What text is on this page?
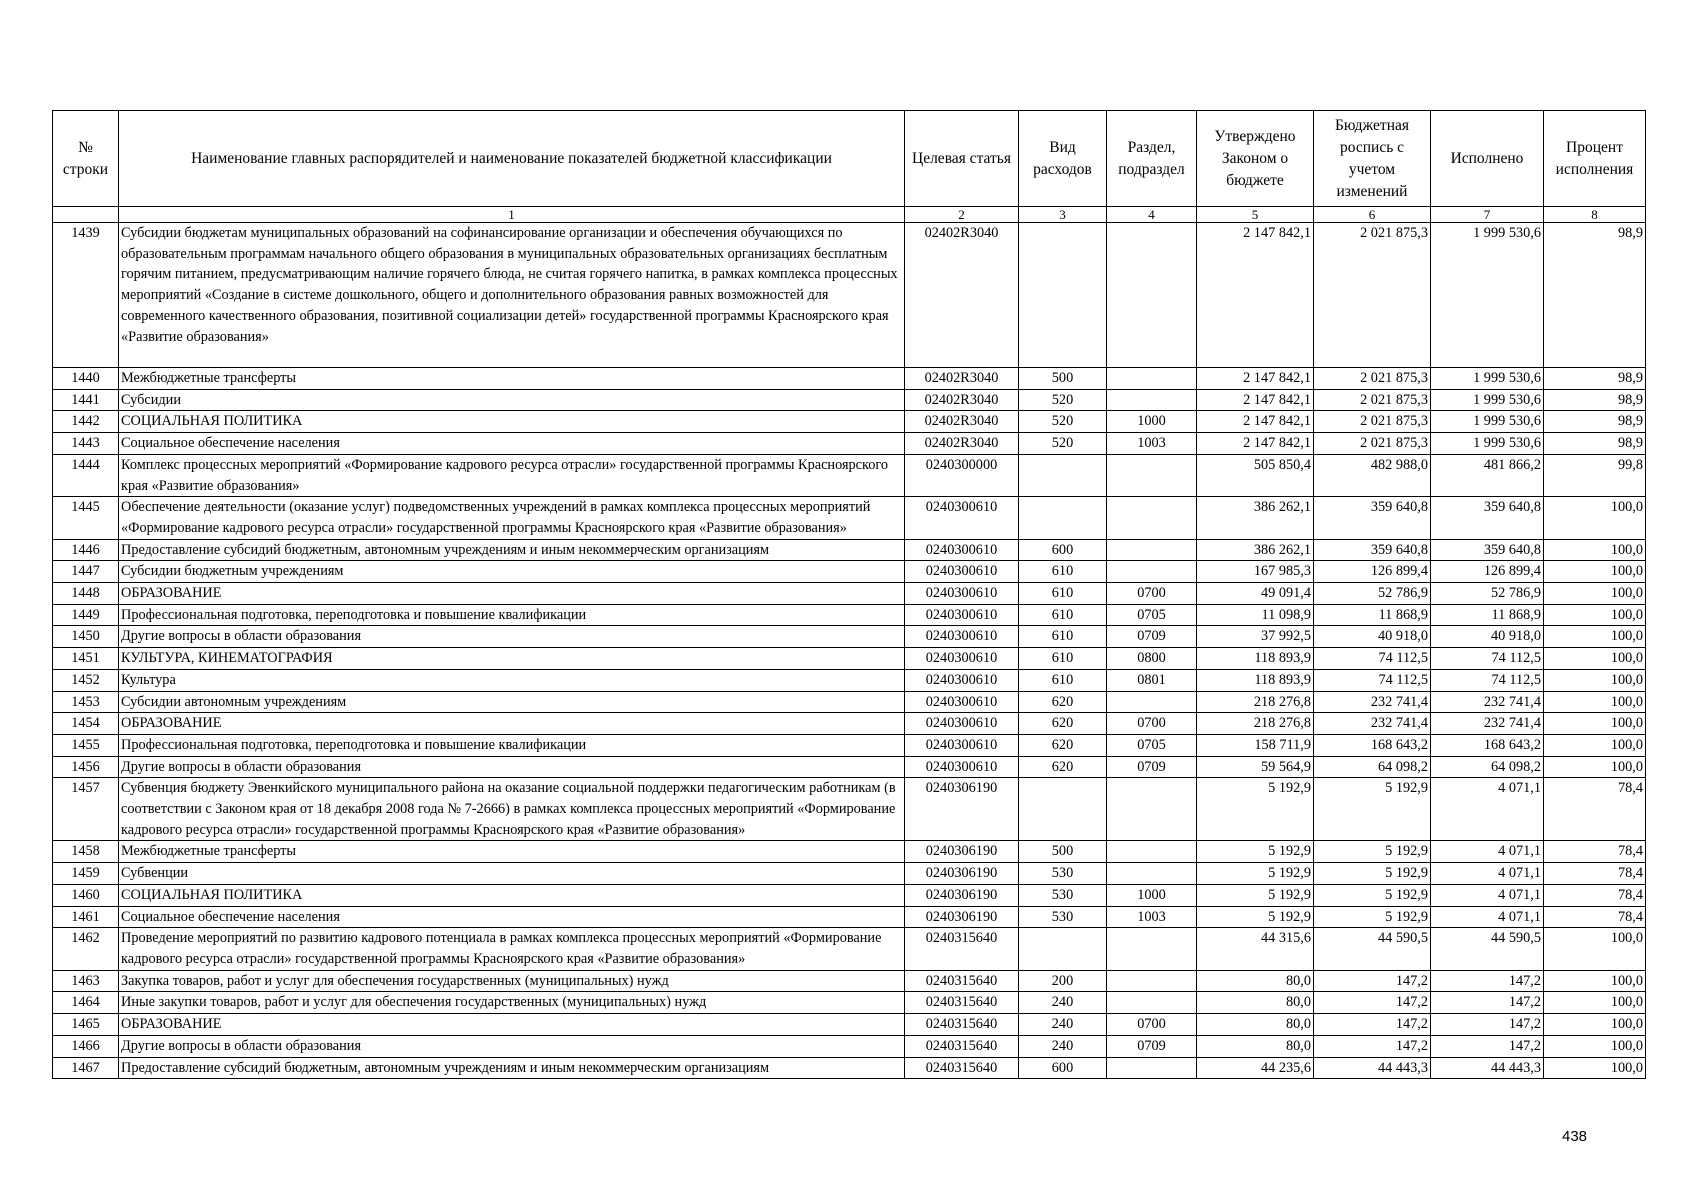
№ строки	Наименование главных распорядителей и наименование показателей бюджетной классификации	Целевая статья	Вид расходов	Раздел, подраздел	Утверждено Законом о бюджете	Бюджетная роспись с учетом изменений	Исполнено	Процент исполнения
	1	2	3	4	5	6	7	8
1439	Субсидии бюджетам муниципальных образований на софинансирование организации и обеспечения обучающихся по образовательным программам начального общего образования в муниципальных образовательных организациях бесплатным горячим питанием, предусматривающим наличие горячего блюда, не считая горячего напитка, в рамках комплекса процессных мероприятий «Создание в системе дошкольного, общего и дополнительного образования равных возможностей для современного качественного образования, позитивной социализации детей» государственной программы Красноярского края «Развитие образования»	02402R3040			2 147 842,1	2 021 875,3	1 999 530,6	98,9
1440	Межбюджетные трансферты	02402R3040	500		2 147 842,1	2 021 875,3	1 999 530,6	98,9
1441	Субсидии	02402R3040	520		2 147 842,1	2 021 875,3	1 999 530,6	98,9
1442	СОЦИАЛЬНАЯ ПОЛИТИКА	02402R3040	520	1000	2 147 842,1	2 021 875,3	1 999 530,6	98,9
1443	Социальное обеспечение населения	02402R3040	520	1003	2 147 842,1	2 021 875,3	1 999 530,6	98,9
1444	Комплекс процессных мероприятий «Формирование кадрового ресурса отрасли» государственной программы Красноярского края «Развитие образования»	0240300000			505 850,4	482 988,0	481 866,2	99,8
1445	Обеспечение деятельности (оказание услуг) подведомственных учреждений в рамках комплекса процессных мероприятий «Формирование кадрового ресурса отрасли» государственной программы Красноярского края «Развитие образования»	0240300610			386 262,1	359 640,8	359 640,8	100,0
1446	Предоставление субсидий бюджетным, автономным учреждениям и иным некоммерческим организациям	0240300610	600		386 262,1	359 640,8	359 640,8	100,0
1447	Субсидии бюджетным учреждениям	0240300610	610		167 985,3	126 899,4	126 899,4	100,0
1448	ОБРАЗОВАНИЕ	0240300610	610	0700	49 091,4	52 786,9	52 786,9	100,0
1449	Профессиональная подготовка, переподготовка и повышение квалификации	0240300610	610	0705	11 098,9	11 868,9	11 868,9	100,0
1450	Другие вопросы в области образования	0240300610	610	0709	37 992,5	40 918,0	40 918,0	100,0
1451	КУЛЬТУРА, КИНЕМАТОГРАФИЯ	0240300610	610	0800	118 893,9	74 112,5	74 112,5	100,0
1452	Культура	0240300610	610	0801	118 893,9	74 112,5	74 112,5	100,0
1453	Субсидии автономным учреждениям	0240300610	620		218 276,8	232 741,4	232 741,4	100,0
1454	ОБРАЗОВАНИЕ	0240300610	620	0700	218 276,8	232 741,4	232 741,4	100,0
1455	Профессиональная подготовка, переподготовка и повышение квалификации	0240300610	620	0705	158 711,9	168 643,2	168 643,2	100,0
1456	Другие вопросы в области образования	0240300610	620	0709	59 564,9	64 098,2	64 098,2	100,0
1457	Субвенция бюджету Эвенкийского муниципального района на оказание социальной поддержки педагогическим работникам (в соответствии с Законом края от 18 декабря 2008 года № 7-2666) в рамках комплекса процессных мероприятий «Формирование кадрового ресурса отрасли» государственной программы Красноярского края «Развитие образования»	0240306190			5 192,9	5 192,9	4 071,1	78,4
1458	Межбюджетные трансферты	0240306190	500		5 192,9	5 192,9	4 071,1	78,4
1459	Субвенции	0240306190	530		5 192,9	5 192,9	4 071,1	78,4
1460	СОЦИАЛЬНАЯ ПОЛИТИКА	0240306190	530	1000	5 192,9	5 192,9	4 071,1	78,4
1461	Социальное обеспечение населения	0240306190	530	1003	5 192,9	5 192,9	4 071,1	78,4
1462	Проведение мероприятий по развитию кадрового потенциала в рамках комплекса процессных мероприятий «Формирование кадрового ресурса отрасли» государственной программы Красноярского края «Развитие образования»	0240315640			44 315,6	44 590,5	44 590,5	100,0
1463	Закупка товаров, работ и услуг для обеспечения государственных (муниципальных) нужд	0240315640	200		80,0	147,2	147,2	100,0
1464	Иные закупки товаров, работ и услуг для обеспечения государственных (муниципальных) нужд	0240315640	240		80,0	147,2	147,2	100,0
1465	ОБРАЗОВАНИЕ	0240315640	240	0700	80,0	147,2	147,2	100,0
1466	Другие вопросы в области образования	0240315640	240	0709	80,0	147,2	147,2	100,0
1467	Предоставление субсидий бюджетным, автономным учреждениям и иным некоммерческим организациям	0240315640	600		44 235,6	44 443,3	44 443,3	100,0
438
